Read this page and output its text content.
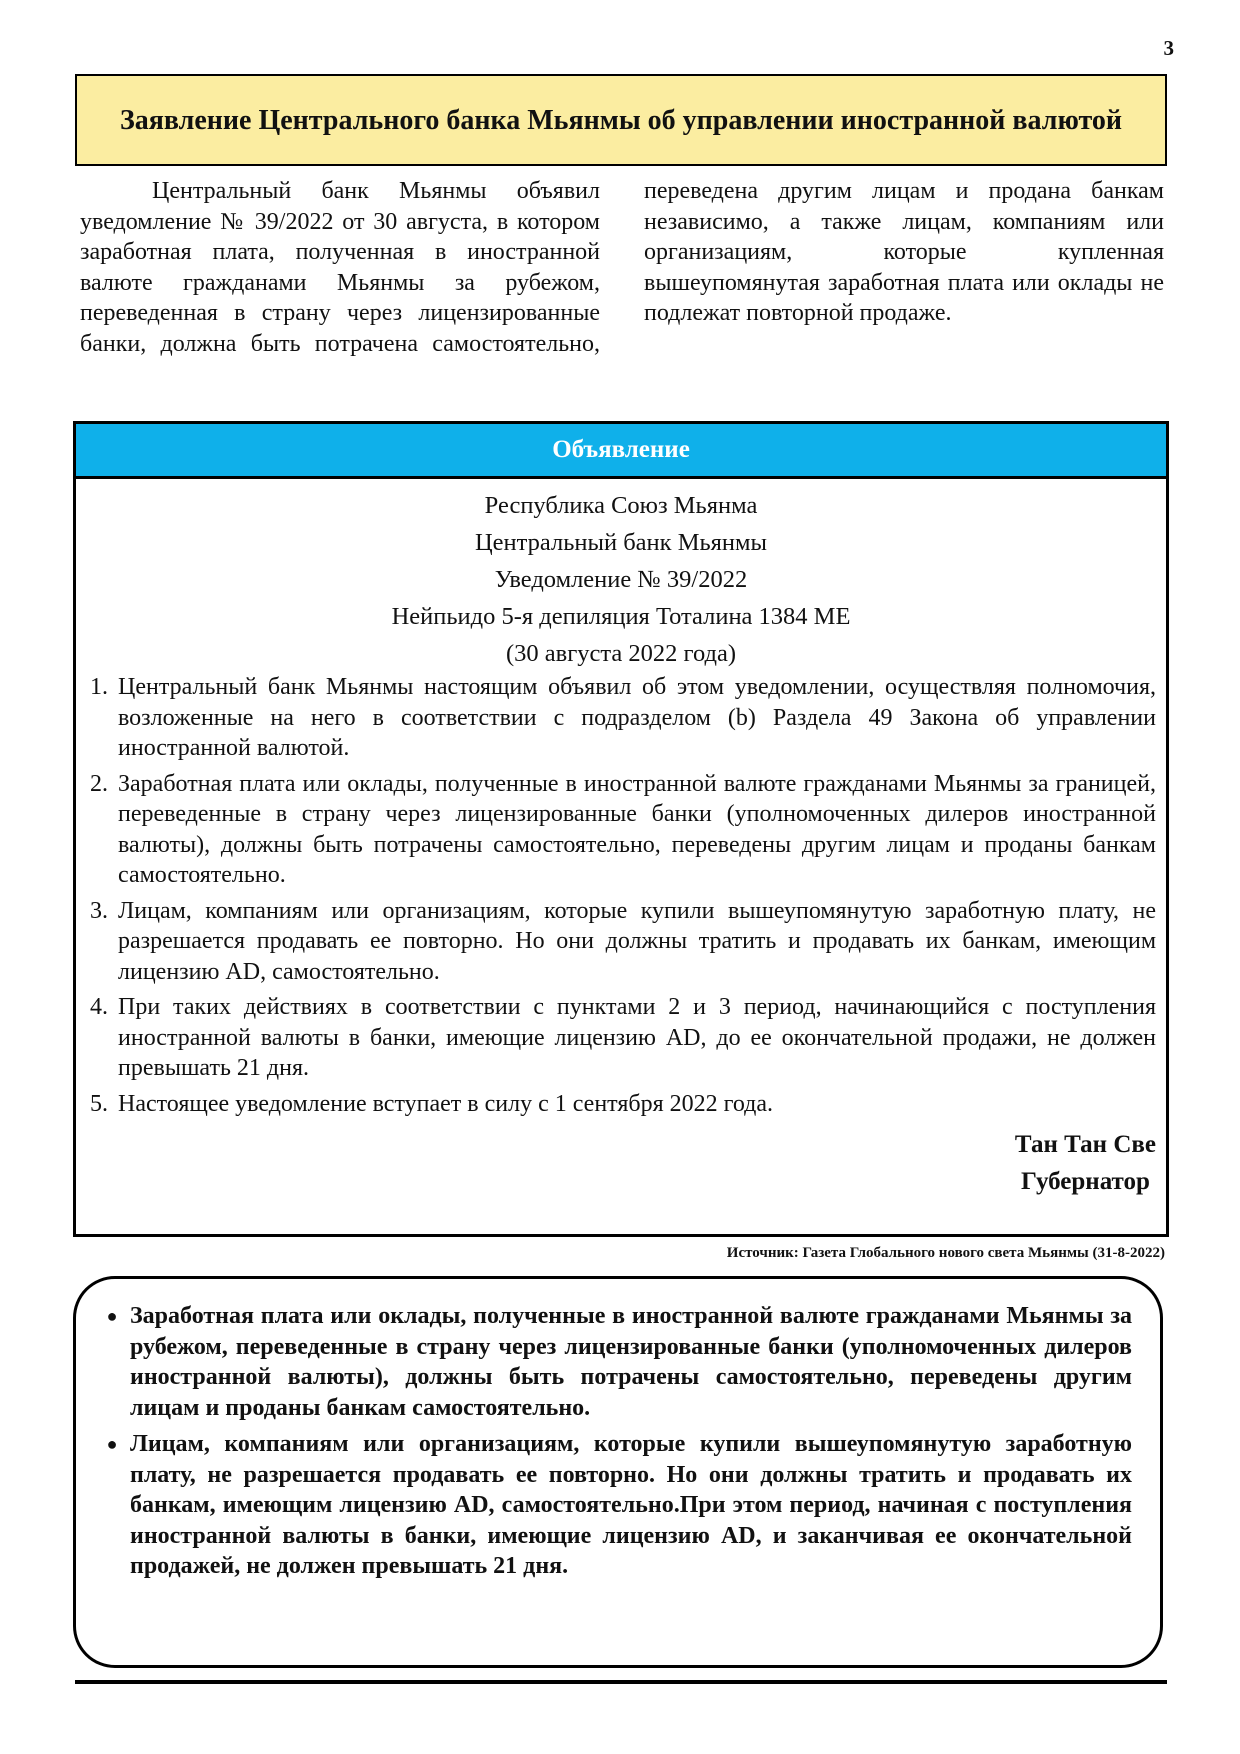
3
Заявление Центрального банка Мьянмы об управлении иностранной валютой

Центральный банк Мьянмы объявил уведомление № 39/2022 от 30 августа, в котором заработная плата, полученная в иностранной валюте гражданами Мьянмы за рубежом, переведенная в страну через лицензированные банки, должна быть потрачена самостоятельно, переведена другим лицам и продана банкам независимо, а также лицам, компаниям или организациям, которые купленная вышеупомянутая заработная плата или оклады не подлежат повторной продаже.

Объявление
Республика Союз Мьянма
Центральный банк Мьянмы
Уведомление № 39/2022
Нейпьидо 5-я депиляция Тоталина 1384 ME
(30 августа 2022 года)
1. Центральный банк Мьянмы настоящим объявил об этом уведомлении, осуществляя полномочия, возложенные на него в соответствии с подразделом (b) Раздела 49 Закона об управлении иностранной валютой.
2. Заработная плата или оклады, полученные в иностранной валюте гражданами Мьянмы за границей, переведенные в страну через лицензированные банки (уполномоченных дилеров иностранной валюты), должны быть потрачены самостоятельно, переведены другим лицам и проданы банкам самостоятельно.
3. Лицам, компаниям или организациям, которые купили вышеупомянутую заработную плату, не разрешается продавать ее повторно. Но они должны тратить и продавать их банкам, имеющим лицензию AD, самостоятельно.
4. При таких действиях в соответствии с пунктами 2 и 3 период, начинающийся с поступления иностранной валюты в банки, имеющие лицензию AD, до ее окончательной продажи, не должен превышать 21 дня.
5. Настоящее уведомление вступает в силу с 1 сентября 2022 года.
Тан Тан Све
Губернатор
Источник: Газета Глобального нового света Мьянмы (31-8-2022)
● Заработная плата или оклады, полученные в иностранной валюте гражданами Мьянмы за рубежом, переведенные в страну через лицензированные банки (уполномоченных дилеров иностранной валюты), должны быть потрачены самостоятельно, переведены другим лицам и проданы банкам самостоятельно.
● Лицам, компаниям или организациям, которые купили вышеупомянутую заработную плату, не разрешается продавать ее повторно. Но они должны тратить и продавать их банкам, имеющим лицензию AD, самостоятельно.При этом период, начиная с поступления иностранной валюты в банки, имеющие лицензию AD, и заканчивая ее окончательной продажей, не должен превышать 21 дня.
